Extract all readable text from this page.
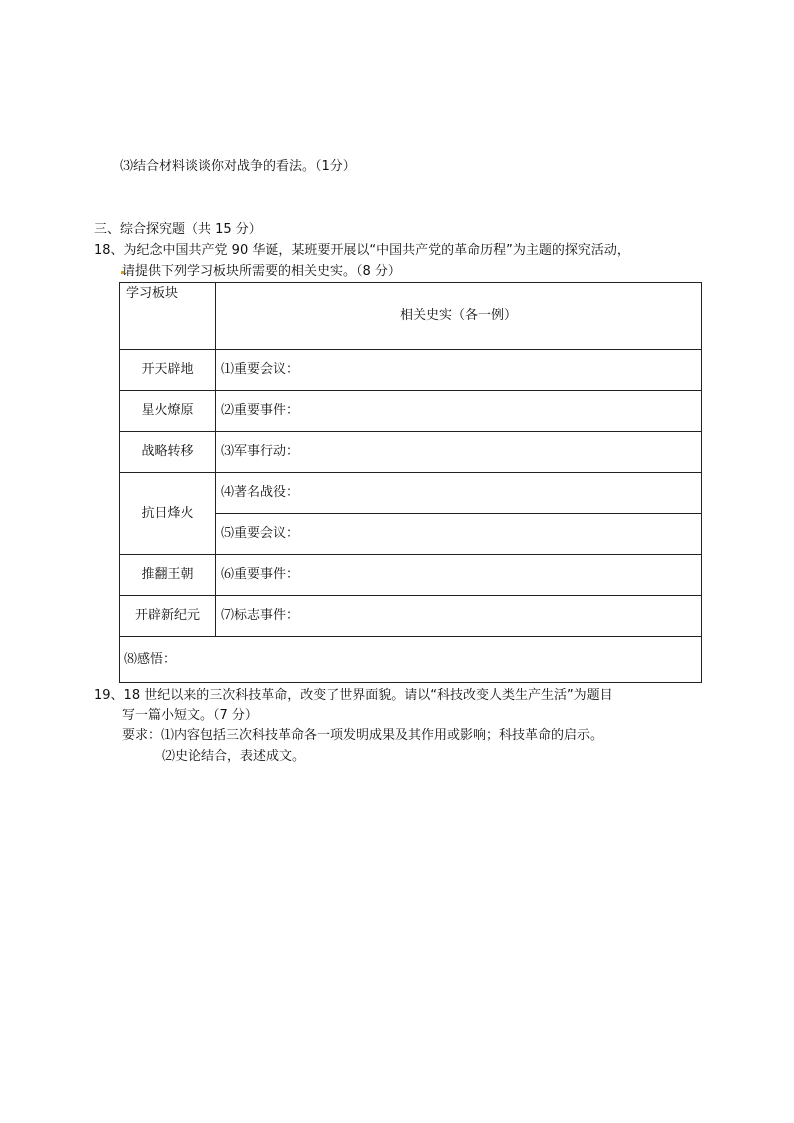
⑶结合材料谈谈你对战争的看法。（1分）
三、综合探究题（共 15 分）
18、为纪念中国共产党 90 华诞，某班要开展以“中国共产党的革命历程”为主题的探究活动，
请提供下列学习板块所需要的相关史实。（8 分）
学习板块	相关史实（各一例）
开天辟地	⑴重要会议：
星火燎原	⑵重要事件：
战略转移	⑶军事行动：
抗日烽火	⑷著名战役：
	⑸重要会议：
推翻王朝	⑹重要事件：
开辟新纪元	⑺标志事件：
⑻感悟：	
19、18 世纪以来的三次科技革命，改变了世界面貌。请以“科技改变人类生产生活”为题目
写一篇小短文。（7 分）
要求：⑴内容包括三次科技革命各一项发明成果及其作用或影响；科技革命的启示。
⑵史论结合，表述成文。
